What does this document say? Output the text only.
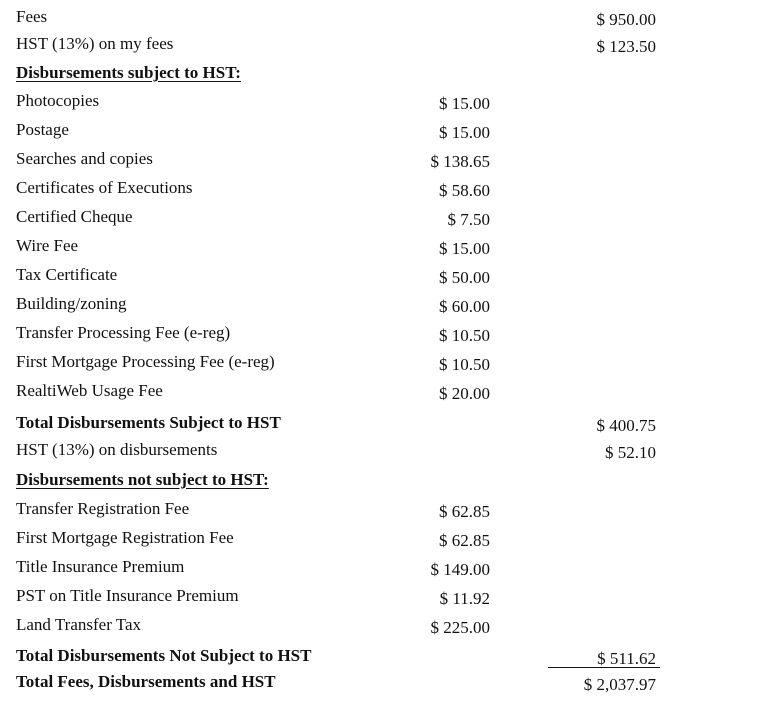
Fees	$ 950.00
HST (13%) on my fees	$ 123.50
Disbursements subject to HST:
Photocopies	$ 15.00
Postage	$ 15.00
Searches and copies	$ 138.65
Certificates of Executions	$ 58.60
Certified Cheque	$ 7.50
Wire Fee	$ 15.00
Tax Certificate	$ 50.00
Building/zoning	$ 60.00
Transfer Processing Fee (e-reg)	$ 10.50
First Mortgage Processing Fee (e-reg)	$ 10.50
RealtiWeb Usage Fee	$ 20.00
Total Disbursements Subject to HST	$ 400.75
HST (13%) on disbursements	$ 52.10
Disbursements not subject to HST:
Transfer Registration Fee	$ 62.85
First Mortgage Registration Fee	$ 62.85
Title Insurance Premium	$ 149.00
PST on Title Insurance Premium	$ 11.92
Land Transfer Tax	$ 225.00
Total Disbursements Not Subject to HST	$ 511.62
Total Fees, Disbursements and HST	$ 2,037.97
